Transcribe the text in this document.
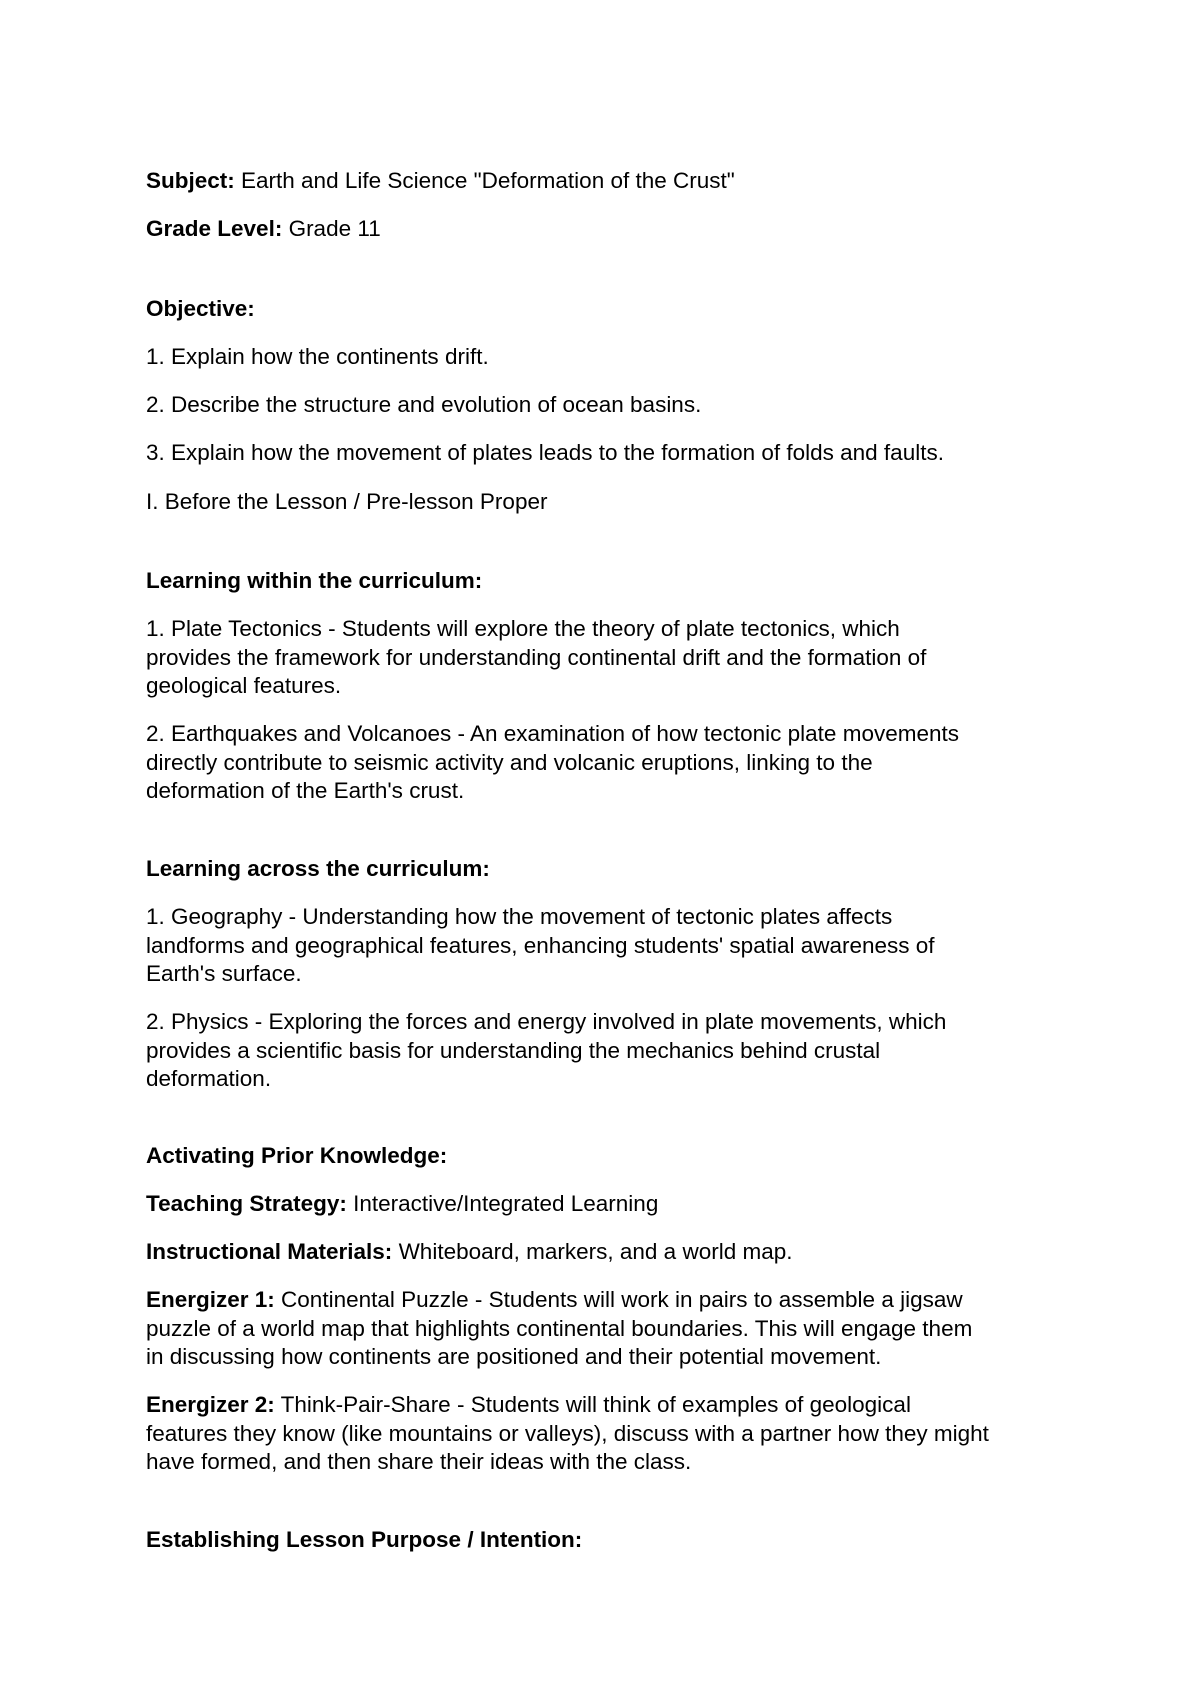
Subject: Earth and Life Science "Deformation of the Crust"
Grade Level: Grade 11
Objective:
1. Explain how the continents drift.
2. Describe the structure and evolution of ocean basins.
3. Explain how the movement of plates leads to the formation of folds and faults.
I. Before the Lesson / Pre-lesson Proper
Learning within the curriculum:
1. Plate Tectonics - Students will explore the theory of plate tectonics, which
provides the framework for understanding continental drift and the formation of
geological features.
2. Earthquakes and Volcanoes - An examination of how tectonic plate movements
directly contribute to seismic activity and volcanic eruptions, linking to the
deformation of the Earth's crust.
Learning across the curriculum:
1. Geography - Understanding how the movement of tectonic plates affects
landforms and geographical features, enhancing students' spatial awareness of
Earth's surface.
2. Physics - Exploring the forces and energy involved in plate movements, which
provides a scientific basis for understanding the mechanics behind crustal
deformation.
Activating Prior Knowledge:
Teaching Strategy: Interactive/Integrated Learning
Instructional Materials: Whiteboard, markers, and a world map.
Energizer 1: Continental Puzzle - Students will work in pairs to assemble a jigsaw
puzzle of a world map that highlights continental boundaries. This will engage them
in discussing how continents are positioned and their potential movement.
Energizer 2: Think-Pair-Share - Students will think of examples of geological
features they know (like mountains or valleys), discuss with a partner how they might
have formed, and then share their ideas with the class.
Establishing Lesson Purpose / Intention:
